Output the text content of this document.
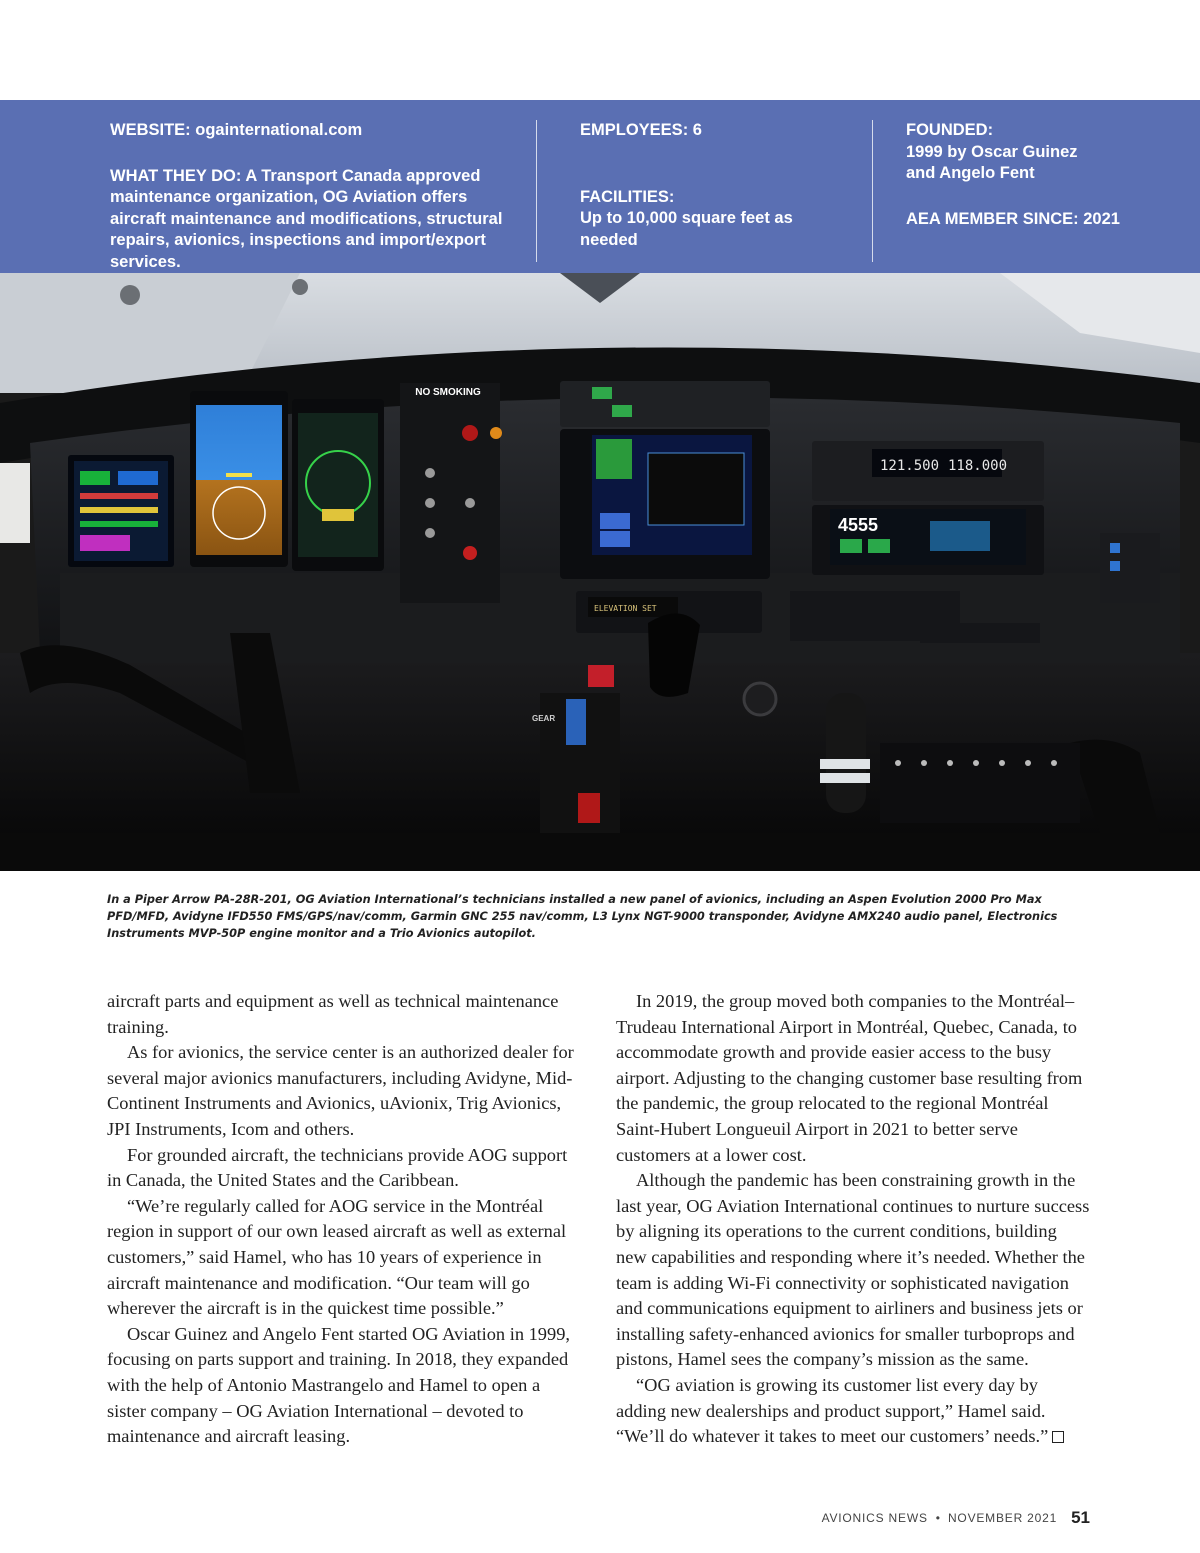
WEBSITE: ogainternational.com

WHAT THEY DO: A Transport Canada approved maintenance organization, OG Aviation offers aircraft maintenance and modifications, structural repairs, avionics, inspections and import/export services.

EMPLOYEES: 6

FACILITIES:

Up to 10,000 square feet as needed

FOUNDED:

1999 by Oscar Guinez

and Angelo Fent

AEA MEMBER SINCE: 2021

NO SMOKING
121.500 118.000
4555
ELEVATION SET
GEAR
In a Piper Arrow PA-28R-201, OG Aviation International’s technicians installed a new panel of avionics, including an Aspen Evolution 2000 Pro Max PFD/MFD, Avidyne IFD550 FMS/GPS/nav/comm, Garmin GNC 255 nav/comm, L3 Lynx NGT-9000 transponder, Avidyne AMX240 audio panel, Electronics Instruments MVP-50P engine monitor and a Trio Avionics autopilot.

aircraft parts and equipment as well as technical maintenance training.

As for avionics, the service center is an authorized dealer for several major avionics manufacturers, including Avidyne, Mid-Continent Instruments and Avionics, uAvionix, Trig Avionics, JPI Instruments, Icom and others.

For grounded aircraft, the technicians provide AOG support in Canada, the United States and the Caribbean.

“We’re regularly called for AOG service in the Montréal region in support of our own leased aircraft as well as external customers,” said Hamel, who has 10 years of experience in aircraft maintenance and modification. “Our team will go wherever the aircraft is in the quickest time possible.”

Oscar Guinez and Angelo Fent started OG Aviation in 1999, focusing on parts support and training. In 2018, they expanded with the help of Antonio Mastrangelo and Hamel to open a sister company – OG Aviation International – devoted to maintenance and aircraft leasing.

In 2019, the group moved both companies to the Montréal–Trudeau International Airport in Montréal, Quebec, Canada, to accommodate growth and provide easier access to the busy airport. Adjusting to the changing customer base resulting from the pandemic, the group relocated to the regional Montréal Saint-Hubert Longueuil Airport in 2021 to better serve customers at a lower cost.

Although the pandemic has been constraining growth in the last year, OG Aviation International continues to nurture success by aligning its operations to the current conditions, building new capabilities and responding where it’s needed. Whether the team is adding Wi-Fi connectivity or sophisticated navigation and communications equipment to airliners and business jets or installing safety-enhanced avionics for smaller turboprops and pistons, Hamel sees the company’s mission as the same.

“OG aviation is growing its customer list every day by adding new dealerships and product support,” Hamel said. “We’ll do whatever it takes to meet our customers’ needs.”

AVIONICS NEWS • NOVEMBER 2021 51
